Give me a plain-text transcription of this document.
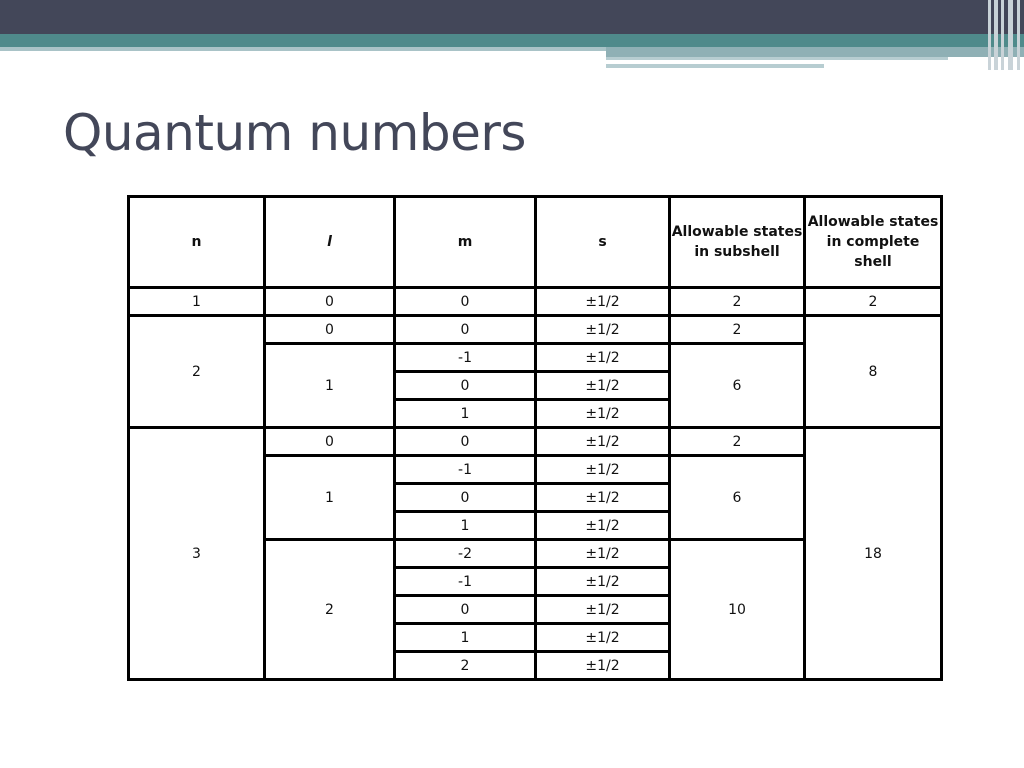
Quantum numbers
n	l	m	s	Allowable states in subshell	Allowable states in complete shell
1	0	0	±1/2	2	2
2	0	0	±1/2	2	8
	1	-1	±1/2	6	
		0	±1/2		
		1	±1/2		
3	0	0	±1/2	2	18
	1	-1	±1/2	6	
		0	±1/2		
		1	±1/2		
	2	-2	±1/2	10	
		-1	±1/2		
		0	±1/2		
		1	±1/2		
		2	±1/2		
